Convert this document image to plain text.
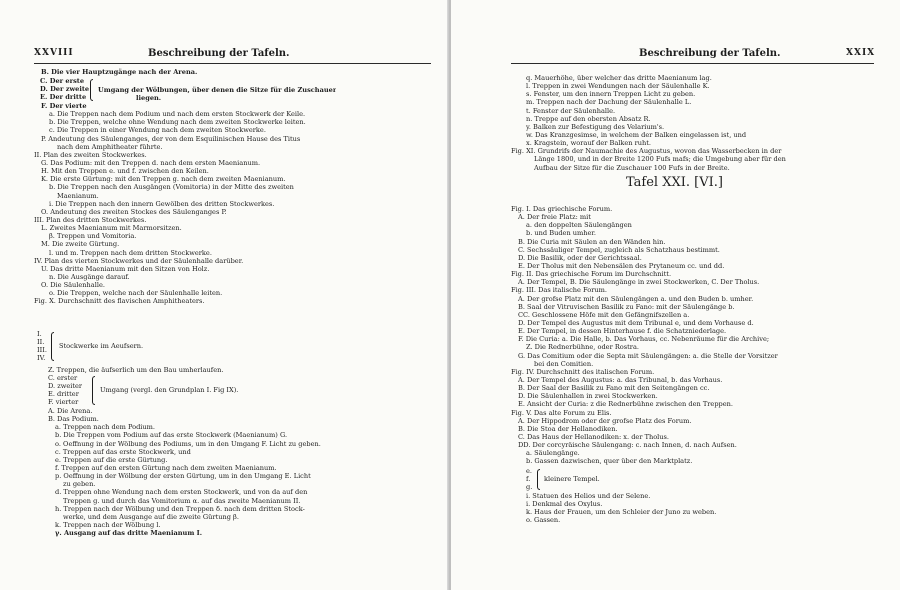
XXVIII	Beschreibung der Tafeln.
B. Die vier Hauptzugänge nach der Arena.
C. Der erste
D. Der zweite
E. Der dritte
Umgang der Wölbungen, über denen die Sitze für die Zuschauer
liegen.
F. Der vierte
a. Die Treppen nach dem Podium und nach dem ersten Stockwerk der Keile.
b. Die Treppen, welche ohne Wendung nach dem zweiten Stockwerke leiten.
c. Die Treppen in einer Wendung nach dem zweiten Stockwerke.
P. Andeutung des Säulenganges, der von dem Esquilinischen Hause des Titus
nach dem Amphitheater führte.
II. Plan des zweiten Stockwerkes.
G. Das Podium: mit den Treppen d. nach dem ersten Maenianum.
H. Mit den Treppen e. und f. zwischen den Keilen.
K. Die erste Gürtung: mit den Treppen g. nach dem zweiten Maenianum.
b. Die Treppen nach den Ausgängen (Vomitoria) in der Mitte des zweiten
Maenianum.
i. Die Treppen nach den innern Gewölben des dritten Stockwerkes.
O. Andeutung des zweiten Stockes des Säulenganges P.
III. Plan des dritten Stockwerkes.
L. Zweites Maenianum mit Marmorsitzen.
β. Treppen und Vomitoria.
M. Die zweite Gürtung.
l. und m. Treppen nach dem dritten Stockwerke.
IV. Plan des vierten Stockwerkes und der Säulenhalle darüber.
U. Das dritte Maenianum mit den Sitzen von Holz.
n. Die Ausgänge darauf.
O. Die Säulenhalle.
o. Die Treppen, welche nach der Säulenhalle leiten.
Fig. X. Durchschnitt des flavischen Amphitheaters.
I.
II.
III.
IV.
Stockwerke im Aeufsern.
Z. Treppen, die äufserlich um den Bau umherlaufen.
C. erster
D. zweiter
E. dritter
F. vierter
Umgang (vergl. den Grundplan I. Fig IX).
A. Die Arena.
B. Das Podium.
a. Treppen nach dem Podium.
b. Die Treppen vom Podium auf das erste Stockwerk (Maenianum) G.
o. Oeffnung in der Wölbung des Podiums, um in den Umgang F. Licht zu geben.
c. Treppen auf das erste Stockwerk, und
e. Treppen auf die erste Gürtung.
f. Treppen auf den ersten Gürtung nach dem zweiten Maenianum.
p. Oeffnung in der Wölbung der ersten Gürtung, um in den Umgang E. Licht
zu geben.
d. Treppen ohne Wendung nach dem ersten Stockwerk, und von da auf den
Treppen g. und durch das Vomitorium α. auf das zweite Maenianum II.
h. Treppen nach der Wölbung und den Treppen δ. nach dem dritten Stock-
werke, und dem Ausgange auf die zweite Gürtung β.
k. Treppen nach der Wölbung l.
γ. Ausgang auf das dritte Maenianum I.
Beschreibung der Tafeln.	XXIX
q. Mauerhöhe, über welcher das dritte Maenianum lag.
l. Treppen in zwei Wendungen nach der Säulenhalle K.
s. Fenster, um den innern Treppen Licht zu geben.
m. Treppen nach der Dachung der Säulenhalle L.
t. Fenster der Säulenhalle.
n. Treppe auf den obersten Absatz R.
y. Balken zur Befestigung des Velarium's.
w. Das Kranzgesimse, in welchem der Balken eingelassen ist, und
x. Kragstein, worauf der Balken ruht.
Fig. XI. Grundrifs der Naumachie des Augustus, wovon das Wasserbecken in der
Länge 1800, und in der Breite 1200 Fufs mafs; die Umgebung aber für den
Aufbau der Sitze für die Zuschauer 100 Fufs in der Breite.
Tafel XXI. [VI.]
Fig. I. Das griechische Forum.
A. Der freie Platz: mit
a. den doppelten Säulengängen
b. und Buden umher.
B. Die Curia mit Säulen an den Wänden hin.
C. Sechssäuliger Tempel, zugleich als Schatzhaus bestimmt.
D. Die Basilik, oder der Gerichtssaal.
E. Der Tholus mit den Nebensälen des Prytaneum cc. und dd.
Fig. II. Das griechische Forum im Durchschnitt.
A. Der Tempel, B. Die Säulengänge in zwei Stockwerken, C. Der Tholus.
Fig. III. Das italische Forum.
A. Der grofse Platz mit den Säulengängen a. und den Buden b. umher.
B. Saal der Vitruvischen Basilik zu Fano: mit der Säulengänge b.
CC. Geschlossene Höfe mit den Gefängnifszellen a.
D. Der Tempel des Augustus mit dem Tribunal e, und dem Vorhause d.
E. Der Tempel, in dessen Hinterhause f. die Schatzniederlage.
F. Die Curia: a. Die Halle, b. Das Vorhaus, cc. Nebenräume für die Archive;
Z. Die Rednerbühne, oder Rostra.
G. Das Comitium oder die Septa mit Säulengängen: a. die Stelle der Vorsitzer
bei den Comitien.
Fig. IV. Durchschnitt des italischen Forum.
A. Der Tempel des Augustus: a. das Tribunal, b. das Vorhaus.
B. Der Saal der Basilik zu Fano mit den Seitengängen cc.
D. Die Säulenhallen in zwei Stockwerken.
E. Ansicht der Curia: z die Rednerbühne zwischen den Treppen.
Fig. V. Das alte Forum zu Elis.
A. Der Hippodrom oder der grofse Platz des Forum.
B. Die Stoa der Hellanodiken.
C. Das Haus der Hellanodiken: x. der Tholus.
DD. Der corcyräische Säulengang: c. nach Innen, d. nach Aufsen.
a. Säulengänge.
b. Gassen dazwischen, quer über den Marktplatz.
e.
f.
g.
kleinere Tempel.
i. Statuen des Helios und der Selene.
i. Denkmal des Oxylus.
k. Haus der Frauen, um den Schleier der Juno zu weben.
o. Gassen.
